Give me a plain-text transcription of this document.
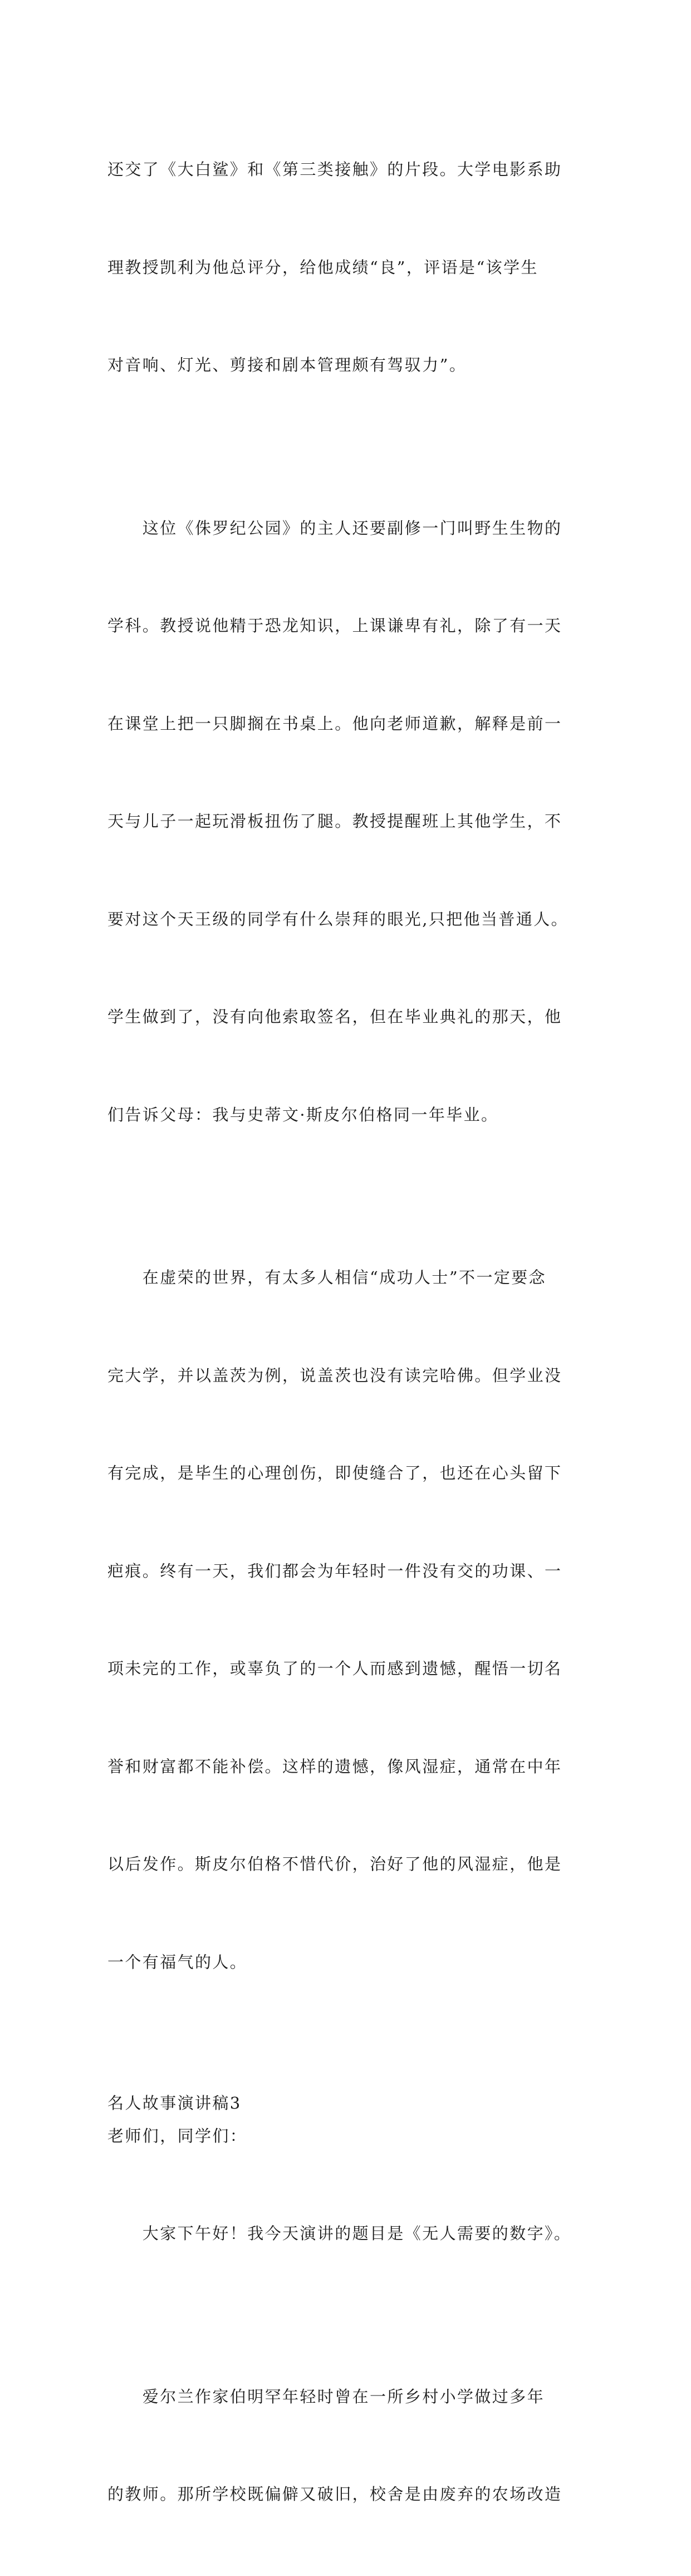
还交了《大白鲨》和《第三类接触》的片段。大学电影系助

理教授凯利为他总评分，给他成绩“良”，评语是“该学生

对音响、灯光、剪接和剧本管理颇有驾驭力”。

　　这位《侏罗纪公园》的主人还要副修一门叫野生生物的

学科。教授说他精于恐龙知识，上课谦卑有礼，除了有一天

在课堂上把一只脚搁在书桌上。他向老师道歉，解释是前一

天与儿子一起玩滑板扭伤了腿。教授提醒班上其他学生，不

要对这个天王级的同学有什么崇拜的眼光,只把他当普通人。

学生做到了，没有向他索取签名，但在毕业典礼的那天，他

们告诉父母：我与史蒂文·斯皮尔伯格同一年毕业。

　　在虚荣的世界，有太多人相信“成功人士”不一定要念

完大学，并以盖茨为例，说盖茨也没有读完哈佛。但学业没

有完成，是毕生的心理创伤，即使缝合了，也还在心头留下

疤痕。终有一天，我们都会为年轻时一件没有交的功课、一

项未完的工作，或辜负了的一个人而感到遗憾，醒悟一切名

誉和财富都不能补偿。这样的遗憾，像风湿症，通常在中年

以后发作。斯皮尔伯格不惜代价，治好了他的风湿症，他是

一个有福气的人。

名人故事演讲稿3

老师们，同学们：

　　大家下午好！我今天演讲的题目是《无人需要的数字》。

　　爱尔兰作家伯明罕年轻时曾在一所乡村小学做过多年

的教师。那所学校既偏僻又破旧，校舍是由废弃的农场改造
